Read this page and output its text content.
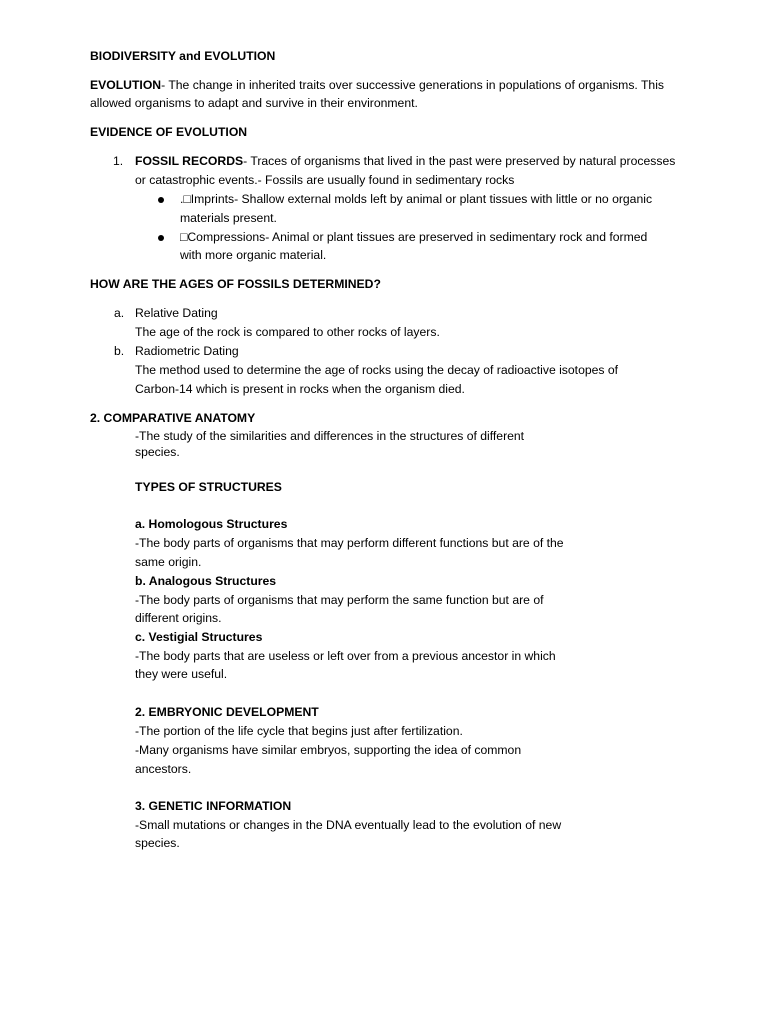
BIODIVERSITY and EVOLUTION

EVOLUTION- The change in inherited traits over successive generations in populations of organisms. This

allowed organisms to adapt and survive in their environment.

EVIDENCE OF EVOLUTION

1. FOSSIL RECORDS- Traces of organisms that lived in the past were preserved by natural processes

or catastrophic events.- Fossils are usually found in sedimentary rocks

.□Imprints- Shallow external molds left by animal or plant tissues with little or no organic

materials present.

□Compressions- Animal or plant tissues are preserved in sedimentary rock and formed

with more organic material.

HOW ARE THE AGES OF FOSSILS DETERMINED?

a. Relative Dating

The age of the rock is compared to other rocks of layers.

b. Radiometric Dating

The method used to determine the age of rocks using the decay of radioactive isotopes of

Carbon-14 which is present in rocks when the organism died.

2. COMPARATIVE ANATOMY

-The study of the similarities and differences in the structures of different

species.

TYPES OF STRUCTURES

a. Homologous Structures

-The body parts of organisms that may perform different functions but are of the

same origin.

b. Analogous Structures

-The body parts of organisms that may perform the same function but are of

different origins.

c. Vestigial Structures

-The body parts that are useless or left over from a previous ancestor in which

they were useful.

2. EMBRYONIC DEVELOPMENT

-The portion of the life cycle that begins just after fertilization.

-Many organisms have similar embryos, supporting the idea of common

ancestors.

3. GENETIC INFORMATION

-Small mutations or changes in the DNA eventually lead to the evolution of new

species.
